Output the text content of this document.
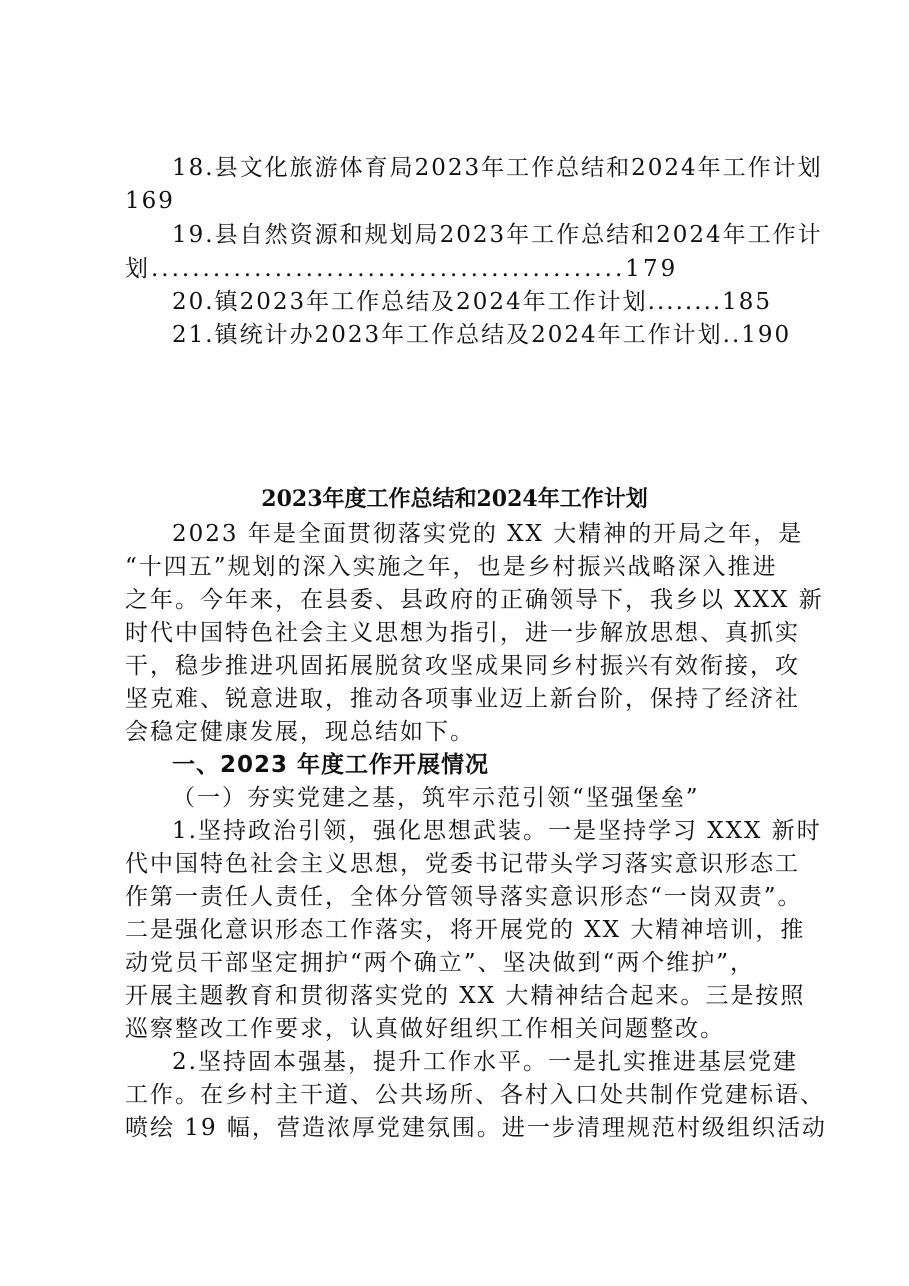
18.县文化旅游体育局2023年工作总结和2024年工作计划
169
19.县自然资源和规划局2023年工作总结和2024年工作计
划..............................................179
20.镇2023年工作总结及2024年工作计划........185
21.镇统计办2023年工作总结及2024年工作计划..190
2023年度工作总结和2024年工作计划
2023 年是全面贯彻落实党的 XX 大精神的开局之年，是
“十四五”规划的深入实施之年，也是乡村振兴战略深入推进
之年。今年来，在县委、县政府的正确领导下，我乡以 XXX 新
时代中国特色社会主义思想为指引，进一步解放思想、真抓实
干，稳步推进巩固拓展脱贫攻坚成果同乡村振兴有效衔接，攻
坚克难、锐意进取，推动各项事业迈上新台阶，保持了经济社
会稳定健康发展，现总结如下。
一、2023 年度工作开展情况
（一）夯实党建之基，筑牢示范引领“坚强堡垒”
1.坚持政治引领，强化思想武装。一是坚持学习 XXX 新时
代中国特色社会主义思想，党委书记带头学习落实意识形态工
作第一责任人责任，全体分管领导落实意识形态“一岗双责”。
二是强化意识形态工作落实，将开展党的 XX 大精神培训，推
动党员干部坚定拥护“两个确立”、坚决做到“两个维护”，
开展主题教育和贯彻落实党的 XX 大精神结合起来。三是按照
巡察整改工作要求，认真做好组织工作相关问题整改。
2.坚持固本强基，提升工作水平。一是扎实推进基层党建
工作。在乡村主干道、公共场所、各村入口处共制作党建标语、
喷绘 19 幅，营造浓厚党建氛围。进一步清理规范村级组织活动
